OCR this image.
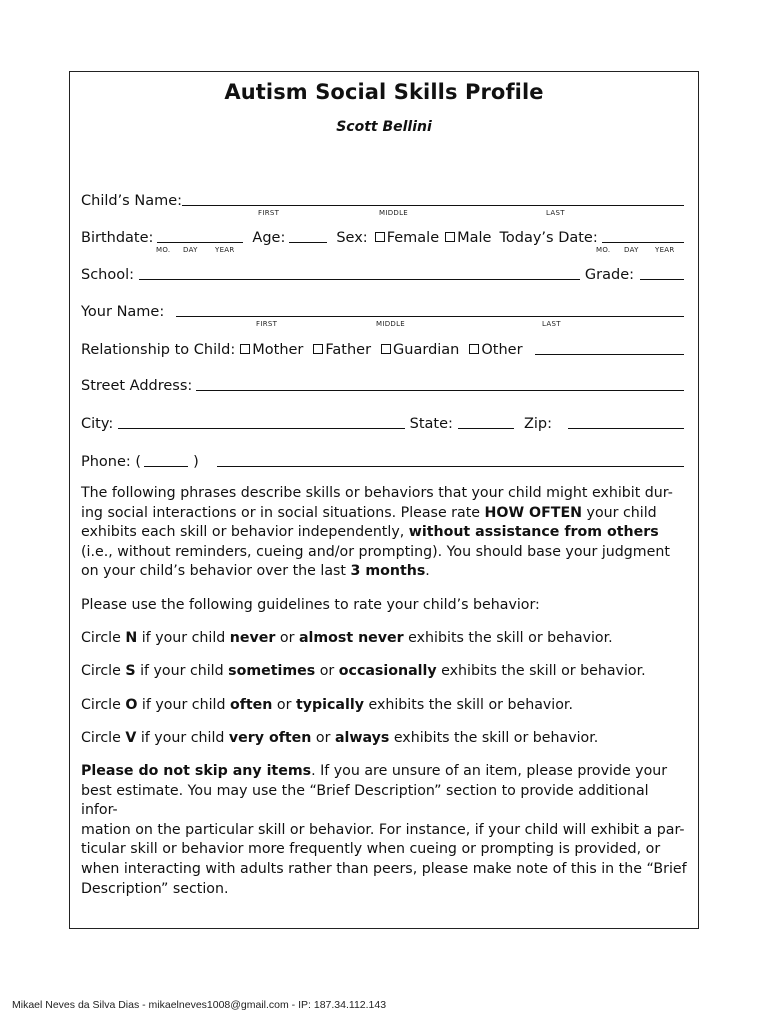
Autism Social Skills Profile
Scott Bellini
Child’s Name:
FIRST	MIDDLE	LAST
Birthdate:	Age:	Sex:	Female	Male Today’s Date:
MO. DAY YEAR	MO. DAY YEAR
School:	Grade:
Your Name:
FIRST	MIDDLE	LAST
Relationship to Child:	Mother	Father	Guardian	Other
Street Address:
City:	State:	Zip:
Phone: (	)
The following phrases describe skills or behaviors that your child might exhibit dur-
ing social interactions or in social situations. Please rate HOW OFTEN your child
exhibits each skill or behavior independently, without assistance from others
(i.e., without reminders, cueing and/or prompting). You should base your judgment
on your child’s behavior over the last 3 months.
Please use the following guidelines to rate your child’s behavior:
Circle N if your child never or almost never exhibits the skill or behavior.
Circle S if your child sometimes or occasionally exhibits the skill or behavior.
Circle O if your child often or typically exhibits the skill or behavior.
Circle V if your child very often or always exhibits the skill or behavior.
Please do not skip any items. If you are unsure of an item, please provide your
best estimate. You may use the “Brief Description” section to provide additional infor-
mation on the particular skill or behavior. For instance, if your child will exhibit a par-
ticular skill or behavior more frequently when cueing or prompting is provided, or
when interacting with adults rather than peers, please make note of this in the “Brief
Description” section.
Mikael Neves da Silva Dias - mikaelneves1008@gmail.com - IP: 187.34.112.143
